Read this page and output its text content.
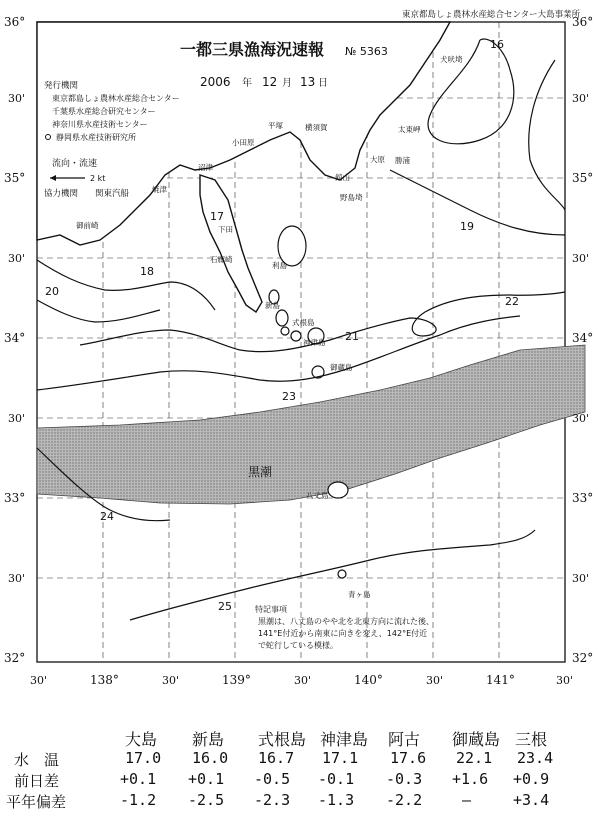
東京都島しょ農林水産総合センター大島事業所
一都三県漁海況速報 № 5363
2006 年 12 月 13 日
発行機関
東京都島しょ農林水産総合センター
千葉県水産総合研究センター
神奈川県水産技術センター
静岡県水産技術研究所
流向・流速
2 kt
協力機関 関東汽船
36°	36°
30'	30'
35°	35°
30'	30'
34°	34°
30'	30'
33°	33°
30'	30'
32°	32°
30'	138°	30'	139°	30'	140°	30'	141°	30'
犬吠埼
太東岬
大原 勝浦
館山
野島埼
横須賀
平塚
小田原
沼津
焼津
御前崎	下田
石廊崎
利島
新島
式根島
神津島
御蔵島
八丈島
青ヶ島
黒潮
16
17
18
19
20
21
22
23
24
25	特記事項
黒潮は、八丈島のやや北を北東方向に流れた後、
141°E付近から南東に向きを変え、142°E付近
で蛇行している模様。
大島 新島 式根島 神津島 阿古 御蔵島 三根
水　温	17.0 16.0 16.7 17.1 17.6 22.1 23.4
前日差	+0.1 +0.1 -0.5 -0.1 -0.3 +1.6 +0.9
平年偏差	-1.2 -2.5 -2.3 -1.3 -2.2	—	+3.4
